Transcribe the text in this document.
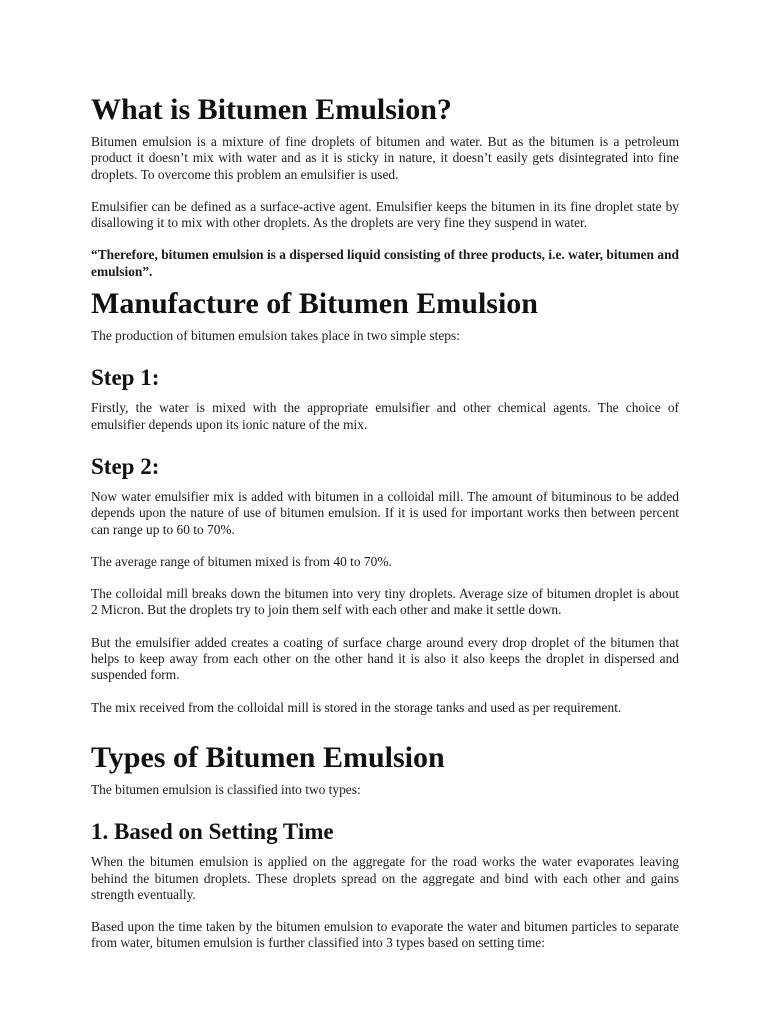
What is Bitumen Emulsion?

Bitumen emulsion is a mixture of fine droplets of bitumen and water. But as the bitumen is a petroleum product it doesn’t mix with water and as it is sticky in nature, it doesn’t easily gets disintegrated into fine droplets. To overcome this problem an emulsifier is used.

Emulsifier can be defined as a surface-active agent. Emulsifier keeps the bitumen in its fine droplet state by disallowing it to mix with other droplets. As the droplets are very fine they suspend in water.

“Therefore, bitumen emulsion is a dispersed liquid consisting of three products, i.e. water, bitumen and emulsion”.

Manufacture of Bitumen Emulsion

The production of bitumen emulsion takes place in two simple steps:

Step 1:

Firstly, the water is mixed with the appropriate emulsifier and other chemical agents. The choice of emulsifier depends upon its ionic nature of the mix.

Step 2:

Now water emulsifier mix is added with bitumen in a colloidal mill. The amount of bituminous to be added depends upon the nature of use of bitumen emulsion. If it is used for important works then between percent can range up to 60 to 70%.

The average range of bitumen mixed is from 40 to 70%.

The colloidal mill breaks down the bitumen into very tiny droplets. Average size of bitumen droplet is about 2 Micron. But the droplets try to join them self with each other and make it settle down.

But the emulsifier added creates a coating of surface charge around every drop droplet of the bitumen that helps to keep away from each other on the other hand it is also it also keeps the droplet in dispersed and suspended form.

The mix received from the colloidal mill is stored in the storage tanks and used as per requirement.

Types of Bitumen Emulsion

The bitumen emulsion is classified into two types:

1. Based on Setting Time

When the bitumen emulsion is applied on the aggregate for the road works the water evaporates leaving behind the bitumen droplets. These droplets spread on the aggregate and bind with each other and gains strength eventually.

Based upon the time taken by the bitumen emulsion to evaporate the water and bitumen particles to separate from water, bitumen emulsion is further classified into 3 types based on setting time:
